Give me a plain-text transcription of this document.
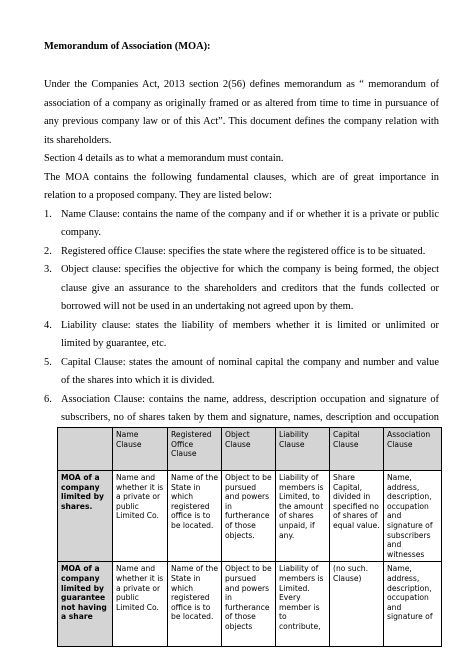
Memorandum of Association (MOA):

Under the Companies Act, 2013 section 2(56) defines memorandum as “ memorandum of association of a company as originally framed or as altered from time to time in pursuance of any previous company law or of this Act”. This document defines the company relation with its shareholders.

Section 4 details as to what a memorandum must contain.

The MOA contains the following fundamental clauses, which are of great importance in relation to a proposed company. They are listed below:

1. Name Clause: contains the name of the company and if or whether it is a private or public company.
2. Registered office Clause: specifies the state where the registered office is to be situated.
3. Object clause: specifies the objective for which the company is being formed, the object clause give an assurance to the shareholders and creditors that the funds collected or borrowed will not be used in an undertaking not agreed upon by them.
4. Liability clause: states the liability of members whether it is limited or unlimited or limited by guarantee, etc.
5. Capital Clause: states the amount of nominal capital the company and number and value of the shares into which it is divided.
6. Association Clause: contains the name, address, description occupation and signature of subscribers, no of shares taken by them and signature, names, description and occupation
	Name Clause	Registered Office Clause	Object Clause	Liability Clause	Capital Clause	Association Clause
MOA of a company limited by shares.	Name and whether it is a private or public Limited Co.	Name of the State in which registered office is to be located.	Object to be pursued and powers in furtherance of those objects.	Liability of members is Limited, to the amount of shares unpaid, if any.	Share Capital, divided in specified no of shares of equal value.	Name, address, description, occupation and signature of subscribers and witnesses
MOA of a company limited by guarantee not having a share	Name and whether it is a private or public Limited Co.	Name of the State in which registered office is to be located.	Object to be pursued and powers in furtherance of those objects	Liability of members is Limited. Every member is to contribute,	(no such. Clause)	Name, address, description, occupation and signature of
